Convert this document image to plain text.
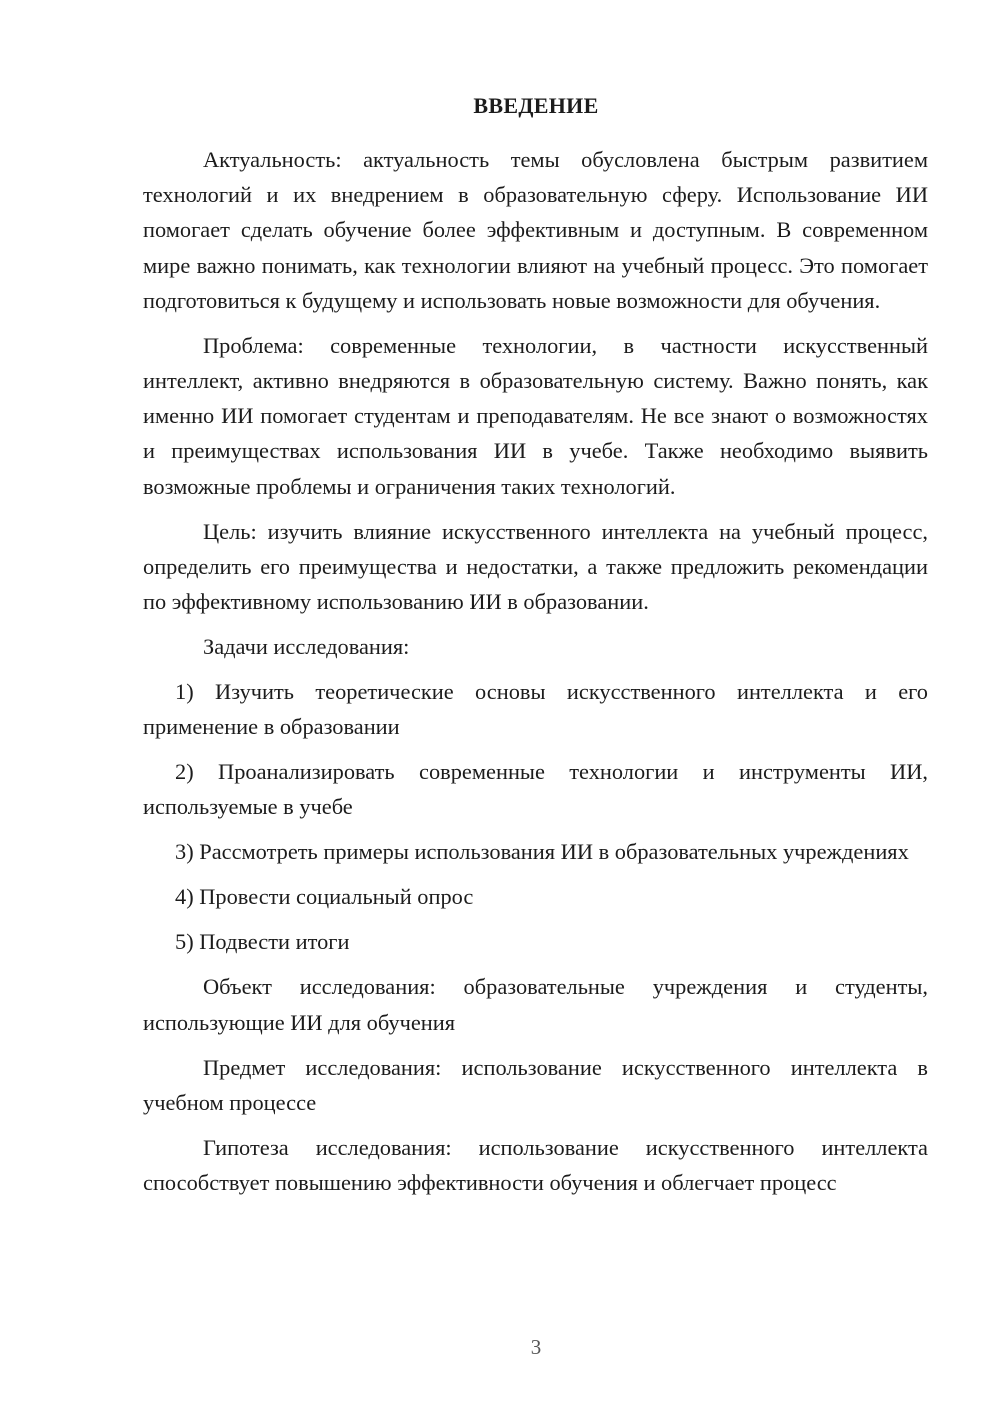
ВВЕДЕНИЕ

Актуальность: актуальность темы обусловлена быстрым развитием технологий и их внедрением в образовательную сферу. Использование ИИ помогает сделать обучение более эффективным и доступным. В современном мире важно понимать, как технологии влияют на учебный процесс. Это помогает подготовиться к будущему и использовать новые возможности для обучения.

Проблема: современные технологии, в частности искусственный интеллект, активно внедряются в образовательную систему. Важно понять, как именно ИИ помогает студентам и преподавателям. Не все знают о возможностях и преимуществах использования ИИ в учебе. Также необходимо выявить возможные проблемы и ограничения таких технологий.

Цель: изучить влияние искусственного интеллекта на учебный процесс, определить его преимущества и недостатки, а также предложить рекомендации по эффективному использованию ИИ в образовании.

Задачи исследования:

1) Изучить теоретические основы искусственного интеллекта и его применение в образовании

2) Проанализировать современные технологии и инструменты ИИ, используемые в учебе

3) Рассмотреть примеры использования ИИ в образовательных учреждениях

4) Провести социальный опрос

5) Подвести итоги

Объект исследования: образовательные учреждения и студенты, использующие ИИ для обучения

Предмет исследования: использование искусственного интеллекта в учебном процессе

Гипотеза исследования: использование искусственного интеллекта способствует повышению эффективности обучения и облегчает процесс

3
